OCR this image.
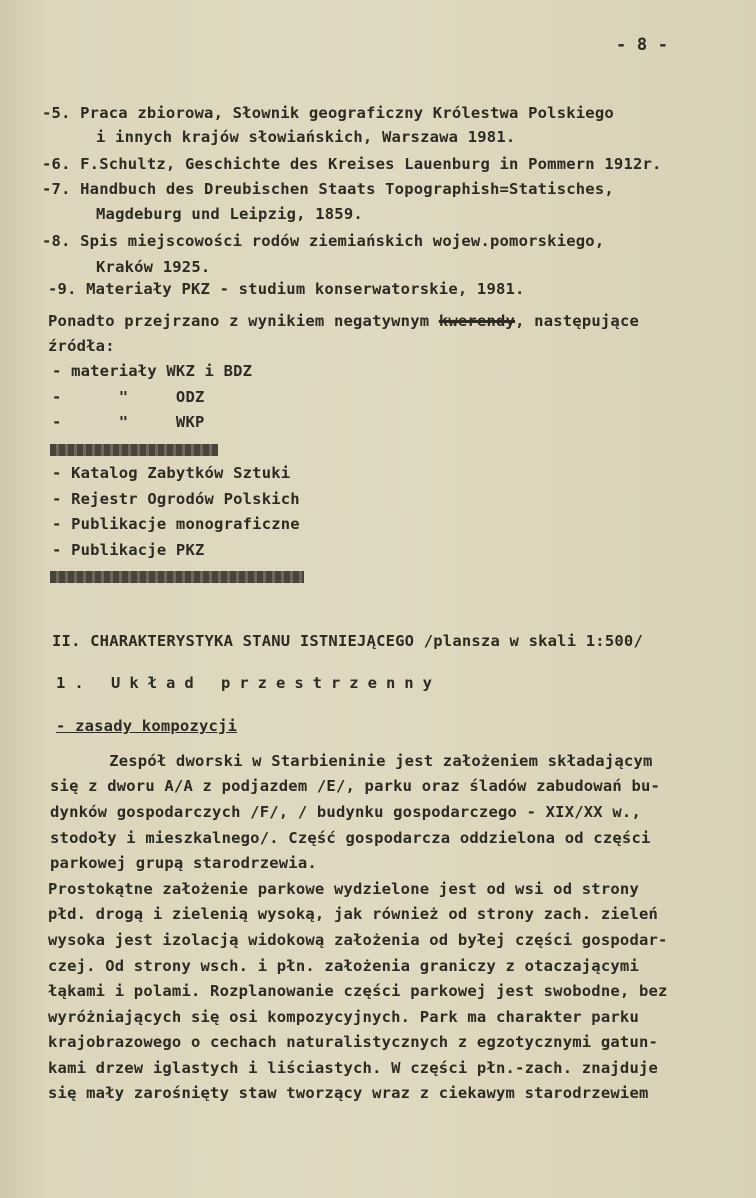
- 8 -
-5. Praca zbiorowa, Słownik geograficzny Królestwa Polskiego
i innych krajów słowiańskich, Warszawa 1981.
-6. F.Schultz, Geschichte des Kreises Lauenburg in Pommern 1912r.
-7. Handbuch des Dreubischen Staats Topographish=Statisches,
Magdeburg und Leipzig, 1859.
-8. Spis miejscowości rodów ziemiańskich wojew.pomorskiego,
Kraków 1925.
-9. Materiały PKZ - studium konserwatorskie, 1981.
Ponadto przejrzano z wynikiem negatywnym kwerendy, następujące
źródła:
- materiały WKZ i BDZ
-      "     ODZ
-      "     WKP
- Katalog Zabytków Sztuki
- Rejestr Ogrodów Polskich
- Publikacje monograficzne
- Publikacje PKZ
II. CHARAKTERYSTYKA STANU ISTNIEJĄCEGO /plansza w skali 1:500/
1. Układ przestrzenny
- zasady kompozycji
Zespół dworski w Starbieninie jest założeniem składającym
się z dworu A/A z podjazdem /E/, parku oraz śladów zabudowań bu-
dynków gospodarczych /F/, / budynku gospodarczego - XIX/XX w.,
stodoły i mieszkalnego/. Część gospodarcza oddzielona od części
parkowej grupą starodrzewia.
Prostokątne założenie parkowe wydzielone jest od wsi od strony
płd. drogą i zielenią wysoką, jak również od strony zach. zieleń
wysoka jest izolacją widokową założenia od byłej części gospodar-
czej. Od strony wsch. i płn. założenia graniczy z otaczającymi
łąkami i polami. Rozplanowanie części parkowej jest swobodne, bez
wyróżniających się osi kompozycyjnych. Park ma charakter parku
krajobrazowego o cechach naturalistycznych z egzotycznymi gatun-
kami drzew iglastych i liściastych. W części płn.-zach. znajduje
się mały zarośnięty staw tworzący wraz z ciekawym starodrzewiem
